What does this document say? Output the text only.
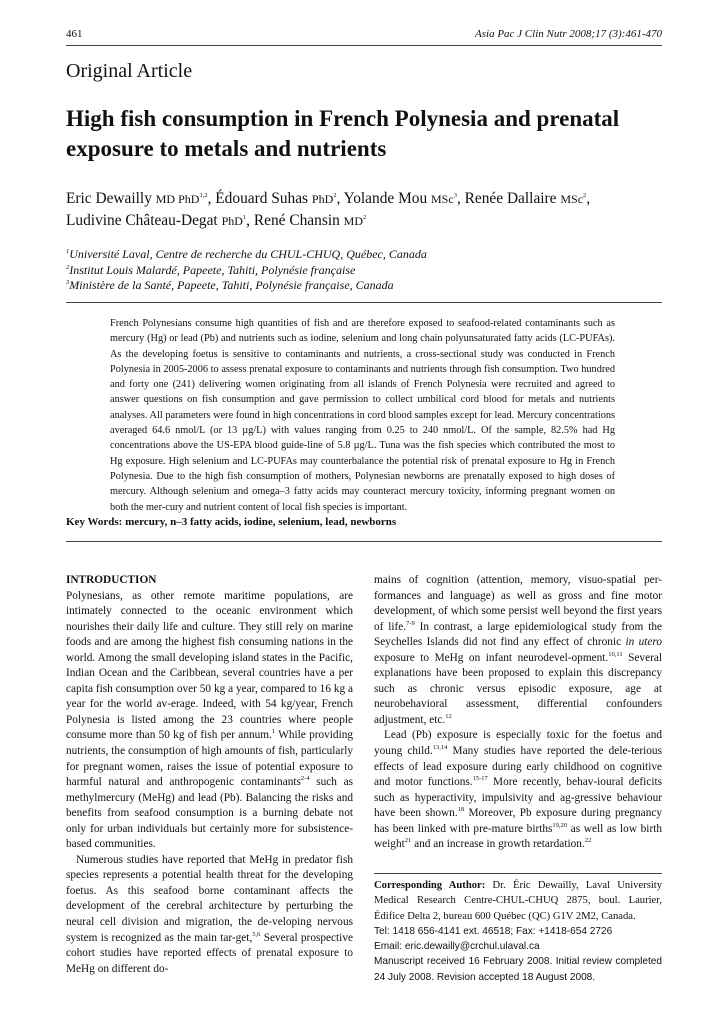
461	Asia Pac J Clin Nutr 2008;17 (3):461-470
Original Article
High fish consumption in French Polynesia and prenatal exposure to metals and nutrients
Eric Dewailly MD PhD$^{1,2}$, Édouard Suhas PhD$^2$, Yolande Mou MSc$^3$, Renée Dallaire MSc$^2$,
Ludivine Château-Degat PhD$^1$, René Chansin $MD^2$
$^1$Université Laval, Centre de recherche du CHUL-CHUQ, Québec, Canada
$^2$Institut Louis Malardé, Papeete, Tahiti, Polynésie française
$^3$Ministère de la Santé, Papeete, Tahiti, Polynésie française, Canada
French Polynesians consume high quantities of fish and are therefore exposed to seafood-related contaminants such as mercury (Hg) or lead (Pb) and nutrients such as iodine, selenium and long chain polyunsaturated fatty acids (LC-PUFAs). As the developing foetus is sensitive to contaminants and nutrients, a cross-sectional study was conducted in French Polynesia in 2005-2006 to assess prenatal exposure to contaminants and nutrients through fish consumption. Two hundred and forty one (241) delivering women originating from all islands of French Polynesia were recruited and agreed to answer questions on fish consumption and gave permission to collect umbilical cord blood for metals and nutrients analyses. All parameters were found in high concentrations in cord blood samples except for lead. Mercury concentrations averaged 64.6 nmol/L (or 13 µg/L) with values ranging from 0.25 to 240 nmol/L. Of the sample, 82.5% had Hg concentrations above the US-EPA blood guide-line of 5.8 µg/L. Tuna was the fish species which contributed the most to Hg exposure. High selenium and LC-PUFAs may counterbalance the potential risk of prenatal exposure to Hg in French Polynesia. Due to the high fish consumption of mothers, Polynesian newborns are prenatally exposed to high doses of mercury. Although selenium and omega–3 fatty acids may counteract mercury toxicity, informing pregnant women on both the mer-cury and nutrient content of local fish species is important.
Key Words: mercury, n–3 fatty acids, iodine, selenium, lead, newborns
INTRODUCTION

Polynesians, as other remote maritime populations, are intimately connected to the oceanic environment which nourishes their daily life and culture. They still rely on marine foods and are among the highest fish consuming nations in the world. Among the small developing island states in the Pacific, Indian Ocean and the Caribbean, several countries have a per capita fish consumption over 50 kg a year, compared to 16 kg a year for the world av-erage. Indeed, with 54 kg/year, French Polynesia is listed among the 23 countries where people consume more than 50 kg of fish per annum.$^1$ While providing nutrients, the consumption of high amounts of fish, particularly for pregnant women, raises the issue of potential exposure to harmful natural and anthropogenic contaminants$^{2-4}$ such as methylmercury (MeHg) and lead (Pb). Balancing the risks and benefits from seafood consumption is a burning debate not only for urban individuals but certainly more for subsistence-based communities.

Numerous studies have reported that MeHg in predator fish species represents a potential health threat for the developing foetus. As this seafood borne contaminant affects the development of the cerebral architecture by perturbing the neural cell division and migration, the de-veloping nervous system is recognized as the main tar-get,$^{5,6}$ Several prospective cohort studies have reported effects of prenatal exposure to MeHg on different do-

mains of cognition (attention, memory, visuo-spatial per-formances and language) as well as gross and fine motor development, of which some persist well beyond the first years of life.$^{7-9}$ In contrast, a large epidemiological study from the Seychelles Islands did not find any effect of chronic in utero exposure to MeHg on infant neurodevel-opment.$^{10,11}$ Several explanations have been proposed to explain this discrepancy such as chronic versus episodic exposure, age at neurobehavioral assessment, differential confounders adjustment, etc.$^{12}$

Lead (Pb) exposure is especially toxic for the foetus and young child.$^{13,14}$ Many studies have reported the dele-terious effects of lead exposure during early childhood on cognitive and motor functions.$^{15-17}$ More recently, behav-ioural deficits such as hyperactivity, impulsivity and ag-gressive behaviour have been shown.$^{18}$ Moreover, Pb exposure during pregnancy has been linked with pre-mature births$^{19,20}$ as well as low birth weight$^{21}$ and an increase in growth retardation.$^{22}$

Corresponding Author: Dr. Éric Dewailly, Laval University Medical Research Centre-CHUL-CHUQ 2875, boul. Laurier, Édifice Delta 2, bureau 600 Québec (QC) G1V 2M2, Canada.
Tel: 1418 656-4141 ext. 46518; Fax: +1418-654 2726
Email: eric.dewailly@crchul.ulaval.ca
Manuscript received 16 February 2008. Initial review completed 24 July 2008. Revision accepted 18 August 2008.
